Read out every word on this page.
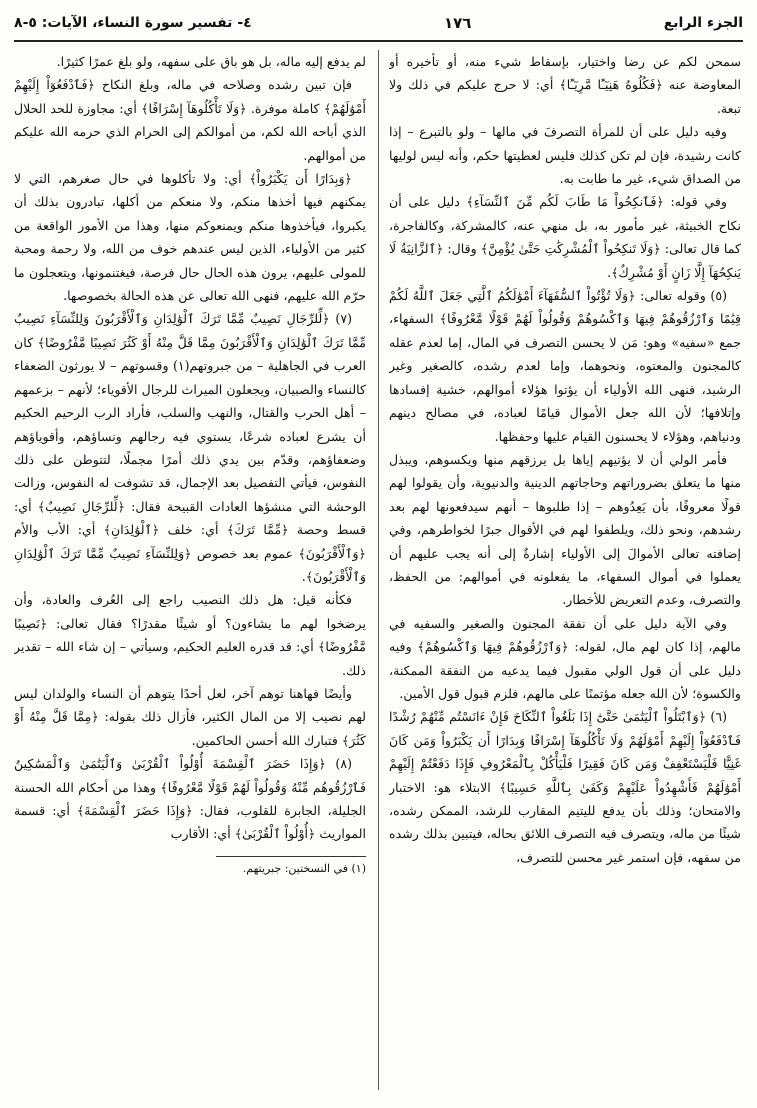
الجزء الرابع
١٧٦
٤- تفسير سورة النساء، الآيات: ٥-٨

سمحن لكم عن رضا واختيار، بإسقاط شيء منه، أو تأخيره أو المعاوضة عنه ﴿فَكُلُوهُ هَنِيٓـًٔا مَّرِيٓـًٔا﴾ أي: لا حرج عليكم في ذلك ولا تبعة.

وفيه دليل على أن للمرأة التصرفَ في مالها – ولو بالتبرع – إذا كانت رشيدة، فإن لم تكن كذلك فليس لعطيتها حكم، وأنه ليس لوليها من الصداق شيء، غير ما طابت به.

وفي قوله: ﴿فَٱنكِحُواْ مَا طَابَ لَكُم مِّنَ ٱلنِّسَآءِ﴾ دليل على أن نكاح الخبيثة، غير مأمور به، بل منهي عنه، كالمشركة، وكالفاجرة، كما قال تعالى: ﴿وَلَا تَنكِحُواْ ٱلْمُشْرِكَٰتِ حَتَّىٰ يُؤْمِنَّ﴾ وقال: ﴿ٱلزَّانِيَةُ لَا يَنكِحُهَآ إِلَّا زَانٍ أَوْ مُشْرِكٌ﴾.

(٥) وقوله تعالى: ﴿وَلَا تُؤْتُواْ ٱلسُّفَهَآءَ أَمْوَٰلَكُمُ ٱلَّتِي جَعَلَ ٱللَّهُ لَكُمْ قِيَٰمًا وَٱرْزُقُوهُمْ فِيهَا وَٱكْسُوهُمْ وَقُولُواْ لَهُمْ قَوْلًا مَّعْرُوفًا﴾ السفهاء، جمع «سفيه» وهو: مَن لا يحسن التصرف في المال، إما لعدم عقله كالمجنون والمعتوه، ونحوهما، وإما لعدم رشده، كالصغير وغير الرشيد، فنهى الله الأولياء أن يؤتوا هؤلاء أموالهم، خشية إفسادها وإتلافها؛ لأن الله جعل الأموال قيامًا لعباده، في مصالح دينهم ودنياهم، وهؤلاء لا يحسنون القيام عليها وحفظها.

فأمر الولي أن لا يؤتيهم إياها بل يرزقهم منها ويكسوهم، ويبذل منها ما يتعلق بضروراتهم وحاجاتهم الدينية والدنيوية، وأن يقولوا لهم قولًا معروفًا، بأن يَعِدُوهم – إذا طلبوها – أنهم سيدفعونها لهم بعد رشدهم، ونحو ذلك، ويلطفوا لهم في الأقوال جبرًا لخواطرهم، وفي إضافته تعالى الأموالَ إلى الأولياء إشارةٌ إلى أنه يجب عليهم أن يعملوا في أموال السفهاء، ما يفعلونه في أموالهم: من الحفظ، والتصرف، وعدم التعريض للأخطار.

وفي الآية دليل على أن نفقة المجنون والصغير والسفيه في مالهم، إذا كان لهم مال، لقوله: ﴿وَٱرْزُقُوهُمْ فِيهَا وَٱكْسُوهُمْ﴾ وفيه دليل على أن قول الولي مقبول فيما يدعيه من النفقة الممكنة، والكسوة؛ لأن الله جعله مؤتمنًا على مالهم، فلزم قبول قول الأمين.

(٦) ﴿وَٱبْتَلُواْ ٱلْيَتَٰمَىٰ حَتَّىٰٓ إِذَا بَلَغُواْ ٱلنِّكَاحَ فَإِنْ ءَانَسْتُم مِّنْهُمْ رُشْدًا فَٱدْفَعُوٓاْ إِلَيْهِمْ أَمْوَٰلَهُمْ وَلَا تَأْكُلُوهَآ إِسْرَافًا وَبِدَارًا أَن يَكْبَرُواْ وَمَن كَانَ غَنِيًّا فَلْيَسْتَعْفِفْ وَمَن كَانَ فَقِيرًا فَلْيَأْكُلْ بِٱلْمَعْرُوفِ فَإِذَا دَفَعْتُمْ إِلَيْهِمْ أَمْوَٰلَهُمْ فَأَشْهِدُواْ عَلَيْهِمْ وَكَفَىٰ بِٱللَّهِ حَسِيبًا﴾ الابتلاء هو: الاختبار والامتحان؛ وذلك بأن يدفع لليتيم المقارب للرشد، الممكن رشده، شيئًا من ماله، ويتصرف فيه التصرف اللائق بحاله، فيتبين بذلك رشده من سفهه، فإن استمر غير محسن للتصرف،

لم يدفع إليه ماله، بل هو باق على سفهه، ولو بلغ عمرًا كثيرًا.

فإن تبين رشده وصلاحه في ماله، وبلغ النكاح ﴿فَٱدْفَعُوٓاْ إِلَيْهِمْ أَمْوَٰلَهُمْ﴾ كاملة موفرة. ﴿وَلَا تَأْكُلُوهَآ إِسْرَافًا﴾ أي: مجاوزة للحد الحلال الذي أباحه الله لكم، من أموالكم إلى الحرام الذي حرمه الله عليكم من أموالهم.

﴿وَبِدَارًا أَن يَكْبَرُواْ﴾ أي: ولا تأكلوها في حال صغرهم، التي لا يمكنهم فيها أخذها منكم، ولا منعكم من أكلها، تبادرون بذلك أن يكبروا، فيأخذوها منكم ويمنعوكم منها، وهذا من الأمور الواقعة من كثير من الأولياء، الذين ليس عندهم خوف من الله، ولا رحمة ومحبة للمولى عليهم، يرون هذه الحال حال فرصة، فيغتنمونها، ويتعجلون ما حرّم الله عليهم، فنهى الله تعالى عن هذه الحالة بخصوصها.

(٧) ﴿لِّلرِّجَالِ نَصِيبٌ مِّمَّا تَرَكَ ٱلْوَٰلِدَانِ وَٱلْأَقْرَبُونَ وَلِلنِّسَآءِ نَصِيبٌ مِّمَّا تَرَكَ ٱلْوَٰلِدَانِ وَٱلْأَقْرَبُونَ مِمَّا قَلَّ مِنْهُ أَوْ كَثُرَ نَصِيبًا مَّفْرُوضًا﴾ كان العرب في الجاهلية – من جبروتهم(١) وقسوتهم – لا يورثون الضعفاء كالنساء والصبيان، ويجعلون الميراث للرجال الأقوياء؛ لأنهم – بزعمهم – أهل الحرب والقتال، والنهب والسلب، فأراد الرب الرحيم الحكيم أن يشرع لعباده شرعًا، يستوي فيه رجالهم ونساؤهم، وأقوياؤهم وضعفاؤهم، وقدّم بين يدي ذلك أمرًا مجملًا، لتتوطن على ذلك النفوس، فيأتي التفصيل بعد الإجمال، قد تشوفت له النفوس، وزالت الوحشة التي منشؤها العادات القبيحة فقال: ﴿لِّلرِّجَالِ نَصِيبٌ﴾ أي: قسط وحصة ﴿مِّمَّا تَرَكَ﴾ أي: خلف ﴿ٱلْوَٰلِدَانِ﴾ أي: الأب والأم ﴿وَٱلْأَقْرَبُونَ﴾ عموم بعد خصوص ﴿وَلِلنِّسَآءِ نَصِيبٌ مِّمَّا تَرَكَ ٱلْوَٰلِدَانِ وَٱلْأَقْرَبُونَ﴾.

فكأنه قيل: هل ذلك النصيب راجع إلى العُرف والعادة، وأن يرضخوا لهم ما يشاءون؟ أو شيئًا مقدرًا؟ فقال تعالى: ﴿نَصِيبًا مَّفْرُوضًا﴾ أي: قد قدره العليم الحكيم، وسيأتي – إن شاء الله – تقدير ذلك.

وأيضًا فهاهنا توهم آخر، لعل أحدًا يتوهم أن النساء والولدان ليس لهم نصيب إلا من المال الكثير، فأزال ذلك بقوله: ﴿مِمَّا قَلَّ مِنْهُ أَوْ كَثُرَ﴾ فتبارك الله أحسن الحاكمين.

(٨) ﴿وَإِذَا حَضَرَ ٱلْقِسْمَةَ أُوْلُواْ ٱلْقُرْبَىٰ وَٱلْيَتَٰمَىٰ وَٱلْمَسَٰكِينُ فَٱرْزُقُوهُم مِّنْهُ وَقُولُواْ لَهُمْ قَوْلًا مَّعْرُوفًا﴾ وهذا من أحكام الله الحسنة الجليلة، الجابرة للقلوب، فقال: ﴿وَإِذَا حَضَرَ ٱلْقِسْمَةَ﴾ أي: قسمة المواريث ﴿أُوْلُواْ ٱلْقُرْبَىٰ﴾ أي: الأقارب

(١) في النسختين: جبريتهم.
